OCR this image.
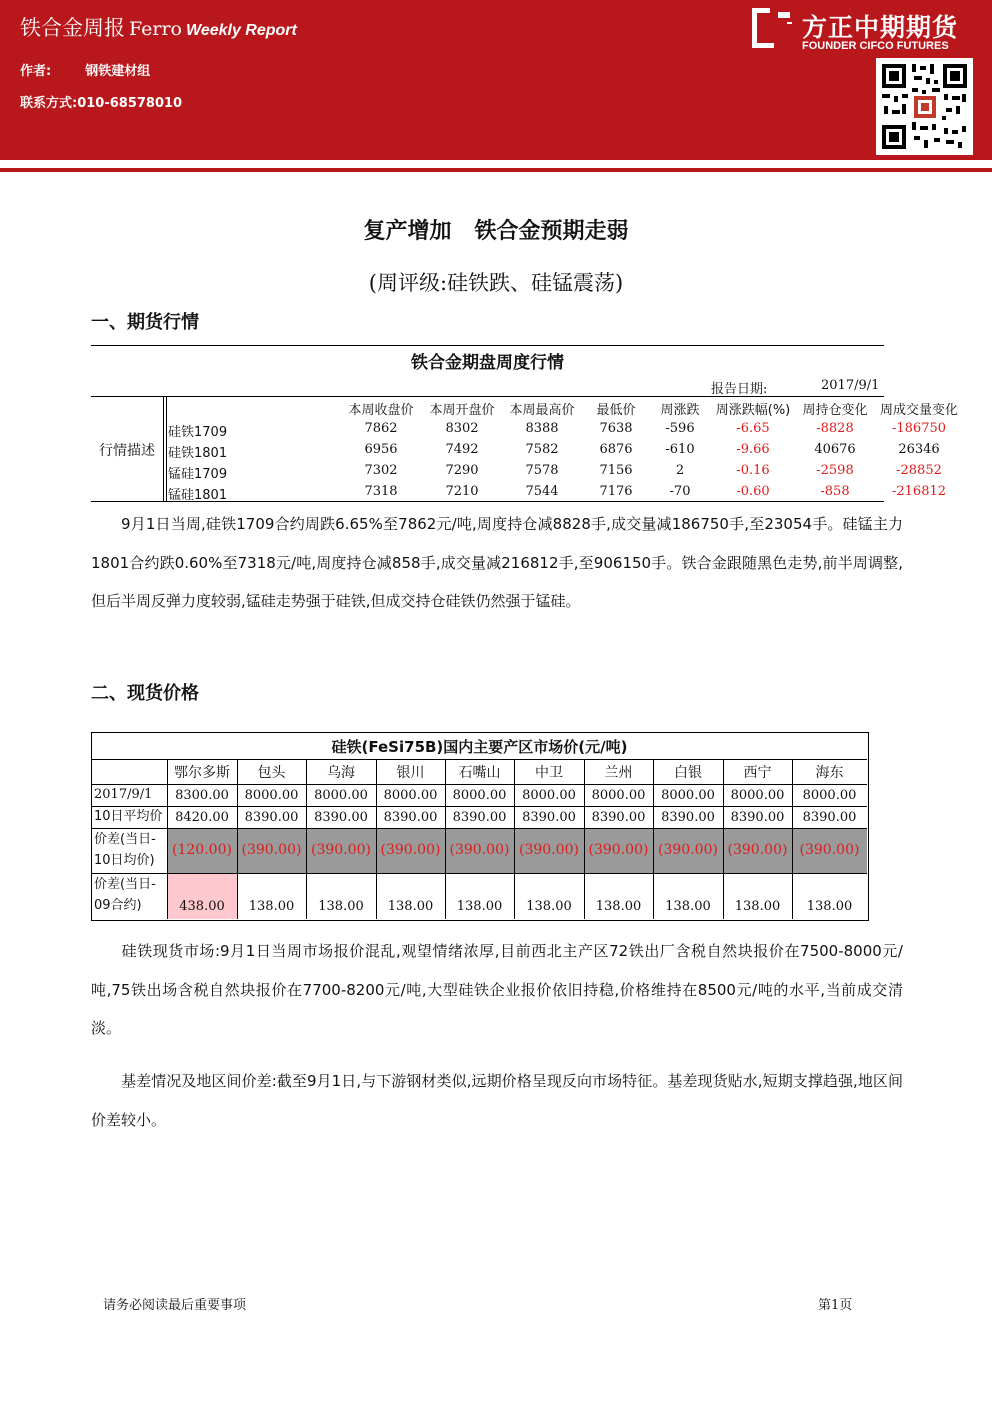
铁合金周报 Ferro Weekly Report
作者:	钢铁建材组
联系方式:010-68578010
方正中期期货
FOUNDER CIFCO FUTURES
复产增加   铁合金预期走弱
(周评级:硅铁跌、硅锰震荡)
一、期货行情
铁合金期盘周度行情
报告日期:	2017/9/1
行情描述
本周收盘价	本周开盘价	本周最高价	最低价	周涨跌	周涨跌幅(%) 周持仓变化 周成交量变化
硅铁1709	7862	8302	8388	7638	-596	-6.65	-8828	-186750
硅铁1801	6956	7492	7582	6876	-610	-9.66	40676	26346
锰硅1709	7302	7290	7578	7156	2	-0.16	-2598	-28852
锰硅1801	7318	7210	7544	7176	-70	-0.60	-858	-216812
9月1日当周,硅铁1709合约周跌6.65%至7862元/吨,周度持仓减8828手,成交量减186750手,至23054手。硅锰主力1801合约跌0.60%至7318元/吨,周度持仓减858手,成交量减216812手,至906150手。铁合金跟随黑色走势,前半周调整,但后半周反弹力度较弱,锰硅走势强于硅铁,但成交持仓硅铁仍然强于锰硅。
二、现货价格
硅铁(FeSi75B)国内主要产区市场价(元/吨)
鄂尔多斯	包头	乌海	银川	石嘴山	中卫	兰州	白银	西宁	海东
2017/9/1	8300.00	8000.00	8000.00	8000.00	8000.00	8000.00	8000.00	8000.00	8000.00	8000.00
10日平均价 8420.00	8390.00	8390.00	8390.00	8390.00	8390.00	8390.00	8390.00	8390.00	8390.00
价差(当日-
10日均价)
(120.00) (390.00) (390.00) (390.00) (390.00) (390.00) (390.00) (390.00) (390.00) (390.00)
价差(当日-
09合约)	438.00	138.00	138.00	138.00	138.00	138.00	138.00	138.00	138.00	138.00
硅铁现货市场:9月1日当周市场报价混乱,观望情绪浓厚,目前西北主产区72铁出厂含税自然块报价在7500-8000元/吨,75铁出场含税自然块报价在7700-8200元/吨,大型硅铁企业报价依旧持稳,价格维持在8500元/吨的水平,当前成交清淡。
基差情况及地区间价差:截至9月1日,与下游钢材类似,远期价格呈现反向市场特征。基差现货贴水,短期支撑趋强,地区间价差较小。
请务必阅读最后重要事项	第1页
